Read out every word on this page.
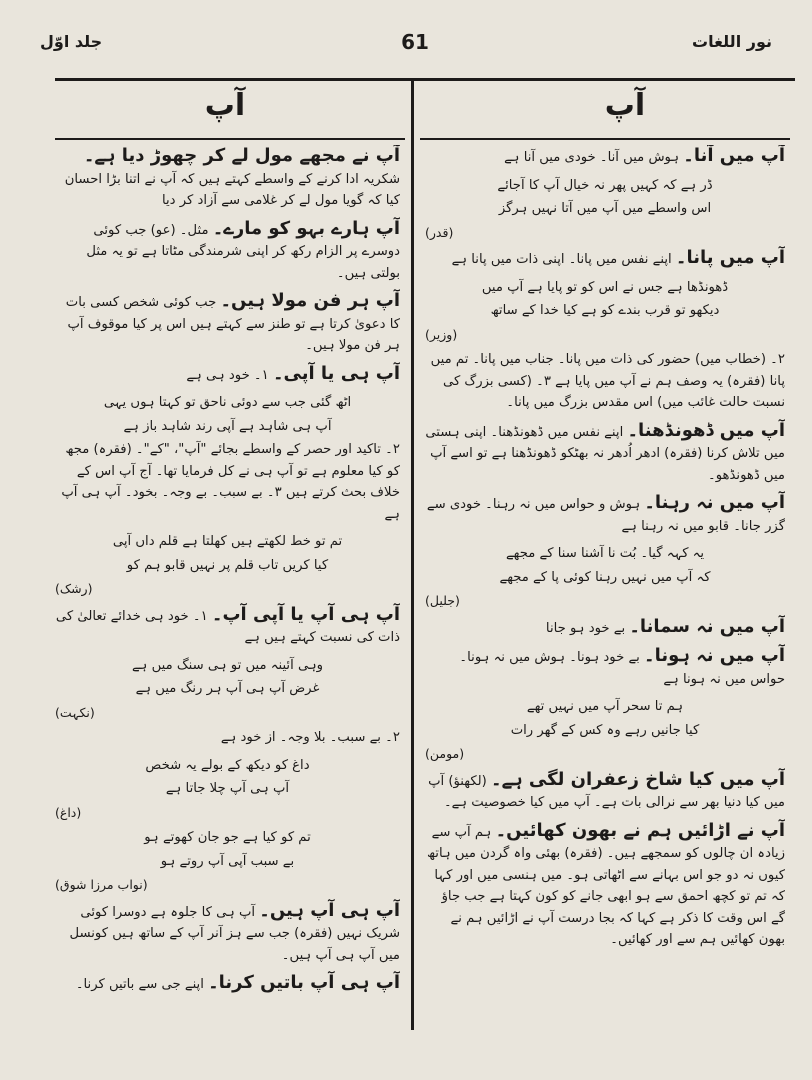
جلد اوّل	61	نور اللغات
آپ
آپ
آپ میں آنا۔ ہوش میں آنا۔ خودی میں آنا ہے
ڈر ہے کہ کہیں پھر نہ خیال آپ کا آجائے
اس واسطے میں آپ میں آتا نہیں ہرگز
(قدر)
آپ میں پانا۔ اپنے نفس میں پانا۔ اپنی ذات میں پانا ہے
ڈھونڈھا ہے جس نے اس کو تو پایا ہے آپ میں
دیکھو تو قرب بندے کو ہے کیا خدا کے ساتھ
(وزیر)
۲۔ (خطاب میں) حضور کی ذات میں پانا۔ جناب میں پانا۔ تم میں پانا (فقرہ) یہ وصف ہم نے آپ میں پایا ہے ۳۔ (کسی بزرگ کی نسبت حالت غائب میں) اس مقدس بزرگ میں پانا۔
آپ میں ڈھونڈھنا۔ اپنے نفس میں ڈھونڈھنا۔ اپنی ہستی میں تلاش کرنا (فقرہ) ادھر اُدھر نہ بھٹکو ڈھونڈھنا ہے تو اسے آپ میں ڈھونڈھو۔
آپ میں نہ رہنا۔ ہوش و حواس میں نہ رہنا۔ خودی سے گزر جانا۔ قابو میں نہ رہنا ہے
یہ کہہ گیا۔ بُت نا آشنا سنا کے مجھے
کہ آپ میں نہیں رہنا کوئی پا کے مجھے
(جلیل)
آپ میں نہ سمانا۔ بے خود ہو جانا
آپ میں نہ ہونا۔ بے خود ہونا۔ ہوش میں نہ ہونا۔ حواس میں نہ ہونا ہے
ہم تا سحر آپ میں نہیں تھے
کیا جانیں رہے وہ کس کے گھر رات
(مومن)
آپ میں کیا شاخ زعفران لگی ہے۔ (لکھنؤ) آپ میں کیا دنیا بھر سے نرالی بات ہے۔ آپ میں کیا خصوصیت ہے۔
آپ نے اڑائیں ہم نے بھون کھائیں۔ ہم آپ سے زیادہ ان چالوں کو سمجھے ہیں۔ (فقرہ) بھئی واہ گردن میں ہاتھ کیوں نہ دو جو اس بہانے سے اٹھاتی ہو۔ میں ہنسی میں اور کہا کہ تم تو کچھ احمق سے ہو ابھی جانے کو کون کہتا ہے جب جاؤ گے اس وقت کا ذکر ہے کہا کہ بجا درست آپ نے اڑائیں ہم نے بھون کھائیں ہم سے اور کھائیں۔
آپ نے مجھے مول لے کر چھوڑ دیا ہے۔ شکریہ ادا کرنے کے واسطے کہتے ہیں کہ آپ نے اتنا بڑا احسان کیا کہ گویا مول لے کر غلامی سے آزاد کر دیا
آپ ہارے بہو کو مارے۔ مثل۔ (عو) جب کوئی دوسرے پر الزام رکھ کر اپنی شرمندگی مٹاتا ہے تو یہ مثل بولتی ہیں۔
آپ ہر فن مولا ہیں۔ جب کوئی شخص کسی بات کا دعویٰ کرتا ہے تو طنز سے کہتے ہیں اس پر کیا موقوف آپ ہر فن مولا ہیں۔
آپ ہی یا آپی۔ ۱۔ خود ہی ہے
اٹھ گئی جب سے دوئی ناحق تو کہتا ہوں یہی
آپ ہی شاہد ہے آپی رند شاہد باز ہے
۲۔ تاکید اور حصر کے واسطے بجائے "آپ"، "کے"۔ (فقرہ) مجھ کو کیا معلوم ہے تو آپ ہی نے کل فرمایا تھا۔ آج آپ اس کے خلاف بحث کرتے ہیں ۳۔ بے سبب۔ بے وجہ۔ بخود۔ آپ ہی آپ ہے
تم تو خط لکھتے ہیں کھلتا ہے قلم داں آپی
کیا کریں تاب قلم پر نہیں قابو ہم کو
(رشک)
آپ ہی آپ یا آپی آپ۔ ۱۔ خود ہی خدائے تعالیٰ کی ذات کی نسبت کہتے ہیں ہے
وہی آئینہ میں تو ہی سنگ میں ہے
غرض آپ ہی آپ ہر رنگ میں ہے
(نکہت)
۲۔ بے سبب۔ بلا وجہ۔ از خود ہے
داغ کو دیکھ کے بولے یہ شخص
آپ ہی آپ چلا جاتا ہے
(داغ)
تم کو کیا ہے جو جان کھوتے ہو
بے سبب آپی آپ روتے ہو
(نواب مرزا شوق)
آپ ہی آپ ہیں۔ آپ ہی کا جلوہ ہے دوسرا کوئی شریک نہیں (فقرہ) جب سے ہز آنر آپ کے ساتھ ہیں کونسل میں آپ ہی آپ ہیں۔
آپ ہی آپ باتیں کرنا۔ اپنے جی سے باتیں کرنا۔
